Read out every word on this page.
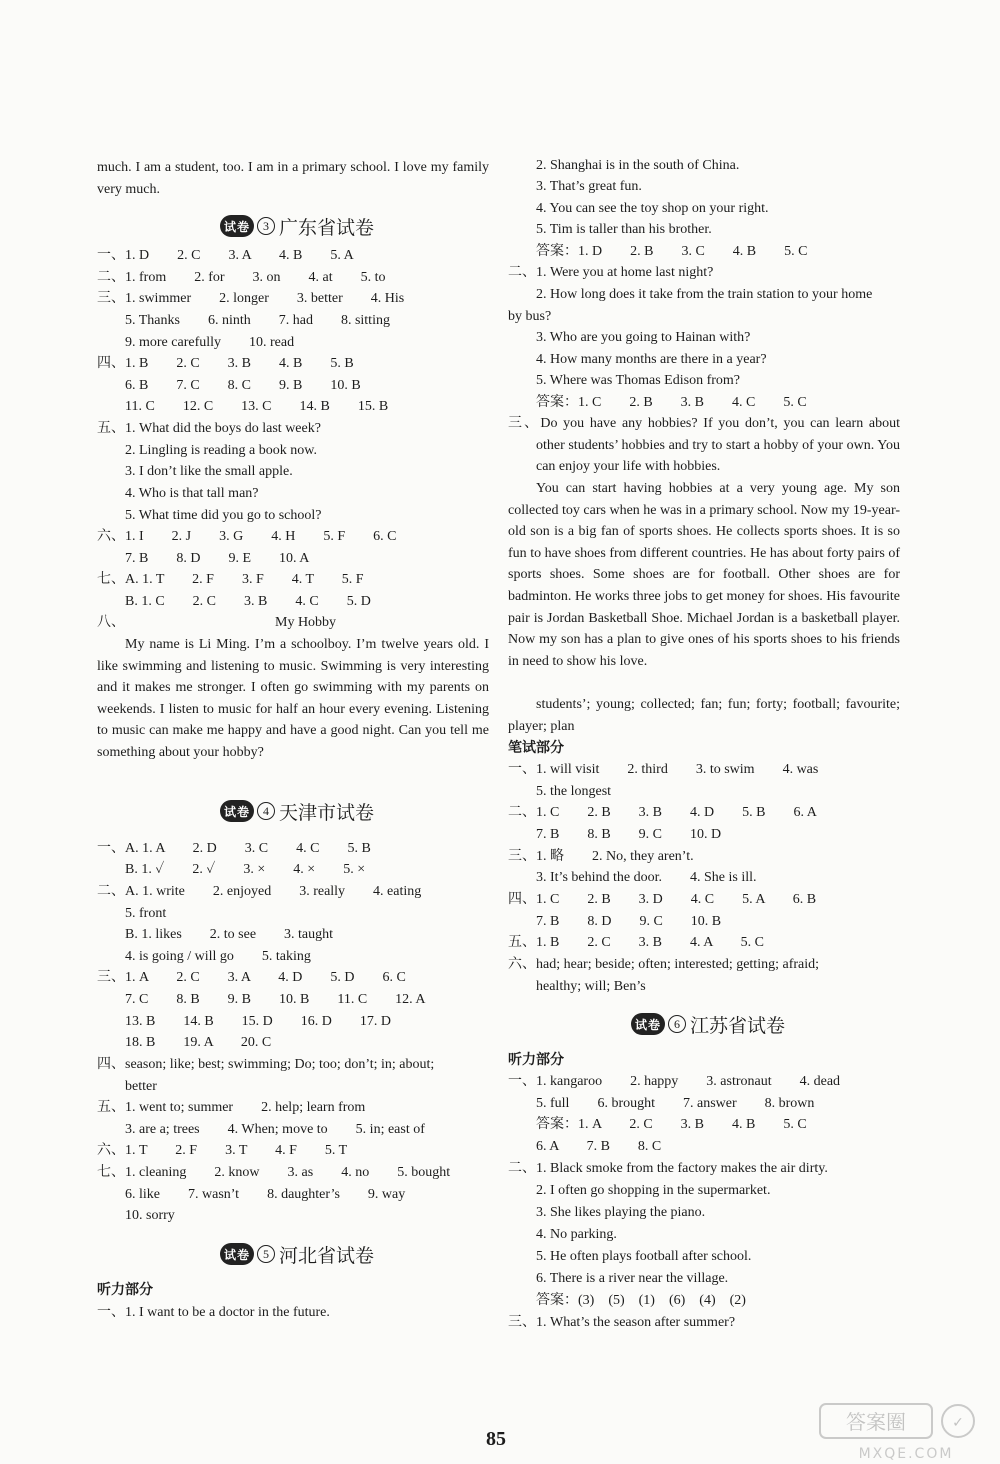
much. I am a student, too. I am in a primary school. I love my family very much.
试卷	3 广东省试卷
一、1. D　　2. C　　3. A　　4. B　　5. A
二、1. from　　2. for　　3. on　　4. at　　5. to
三、1. swimmer　　2. longer　　3. better　　4. His
　　5. Thanks　　6. ninth　　7. had　　8. sitting
　　9. more carefully　　10. read
四、1. B　　2. C　　3. B　　4. B　　5. B
　　6. B　　7. C　　8. C　　9. B　　10. B
　　11. C　　12. C　　13. C　　14. B　　15. B
五、1. What did the boys do last week?
　　2. Lingling is reading a book now.
　　3. I don’t like the small apple.
　　4. Who is that tall man?
　　5. What time did you go to school?
六、1. I　　2. J　　3. G　　4. H　　5. F　　6. C
　　7. B　　8. D　　9. E　　10. A
七、A. 1. T　　2. F　　3. F　　4. T　　5. F
　　B. 1. C　　2. C　　3. B　　4. C　　5. D
八、	My Hobby
My name is Li Ming. I’m a schoolboy. I’m twelve years old. I like swimming and listening to music. Swimming is very interesting and it makes me stronger. I often go swimming with my parents on weekends. I listen to music for half an hour every evening. Listening to music can make me happy and have a good night. Can you tell me something about your hobby?
试卷	4 天津市试卷
一、A. 1. A　　2. D　　3. C　　4. C　　5. B
　　B. 1. ✓　　2. ✓　　3. ×　　4. ×　　5. ×
二、A. 1. write　　2. enjoyed　　3. really　　4. eating
　　5. front
　　B. 1. likes　　2. to see　　3. taught
　　4. is going / will go　　5. taking
三、1. A　　2. C　　3. A　　4. D　　5. D　　6. C
　　7. C　　8. B　　9. B　　10. B　　11. C　　12. A
　　13. B　　14. B　　15. D　　16. D　　17. D
　　18. B　　19. A　　20. C
四、season; like; best; swimming; Do; too; don’t; in; about;
　　better
五、1. went to; summer　　2. help; learn from
　　3. are a; trees　　4. When; move to　　5. in; east of
六、1. T　　2. F　　3. T　　4. F　　5. T
七、1. cleaning　　2. know　　3. as　　4. no　　5. bought
　　6. like　　7. wasn’t　　8. daughter’s　　9. way
　　10. sorry
试卷	5 河北省试卷
听力部分
一、1. I want to be a doctor in the future.
　　2. Shanghai is in the south of China.
　　3. That’s great fun.
　　4. You can see the toy shop on your right.
　　5. Tim is taller than his brother.
　　答案：1. D　　2. B　　3. C　　4. B　　5. C
二、1. Were you at home last night?
　　2. How long does it take from the train station to your home
by bus?
　　3. Who are you going to Hainan with?
　　4. How many months are there in a year?
　　5. Where was Thomas Edison from?
　　答案：1. C　　2. B　　3. B　　4. C　　5. C
三、Do you have any hobbies? If you don’t, you can learn about other students’ hobbies and try to start a hobby of your own. You can enjoy your life with hobbies.
You can start having hobbies at a very young age. My son collected toy cars when he was in a primary school. Now my 19-year-old son is a big fan of sports shoes. He collects sports shoes. It is so fun to have shoes from different countries. He has about forty pairs of sports shoes. Some shoes are for football. Other shoes are for badminton. He works three jobs to get money for shoes. His favourite pair is Jordan Basketball Shoe. Michael Jordan is a basketball player. Now my son has a plan to give ones of his sports shoes to his friends in need to show his love.
students’; young; collected; fan; fun; forty; football; favourite; player; plan
笔试部分
一、1. will visit　　2. third　　3. to swim　　4. was
　　5. the longest
二、1. C　　2. B　　3. B　　4. D　　5. B　　6. A
　　7. B　　8. B　　9. C　　10. D
三、1. 略　　2. No, they aren’t.
　　3. It’s behind the door.　　4. She is ill.
四、1. C　　2. B　　3. D　　4. C　　5. A　　6. B
　　7. B　　8. D　　9. C　　10. B
五、1. B　　2. C　　3. B　　4. A　　5. C
六、had; hear; beside; often; interested; getting; afraid;
　　healthy; will; Ben’s
试卷	6 江苏省试卷
听力部分
一、1. kangaroo　　2. happy　　3. astronaut　　4. dead
　　5. full　　6. brought　　7. answer　　8. brown
　　答案：1. A　　2. C　　3. B　　4. B　　5. C
　　6. A　　7. B　　8. C
二、1. Black smoke from the factory makes the air dirty.
　　2. I often go shopping in the supermarket.
　　3. She likes playing the piano.
　　4. No parking.
　　5. He often plays football after school.
　　6. There is a river near the village.
　　答案：(3)　(5)　(1)　(6)　(4)　(2)
三、1. What’s the season after summer?
85
答案圈	✓
MXQE.COM
